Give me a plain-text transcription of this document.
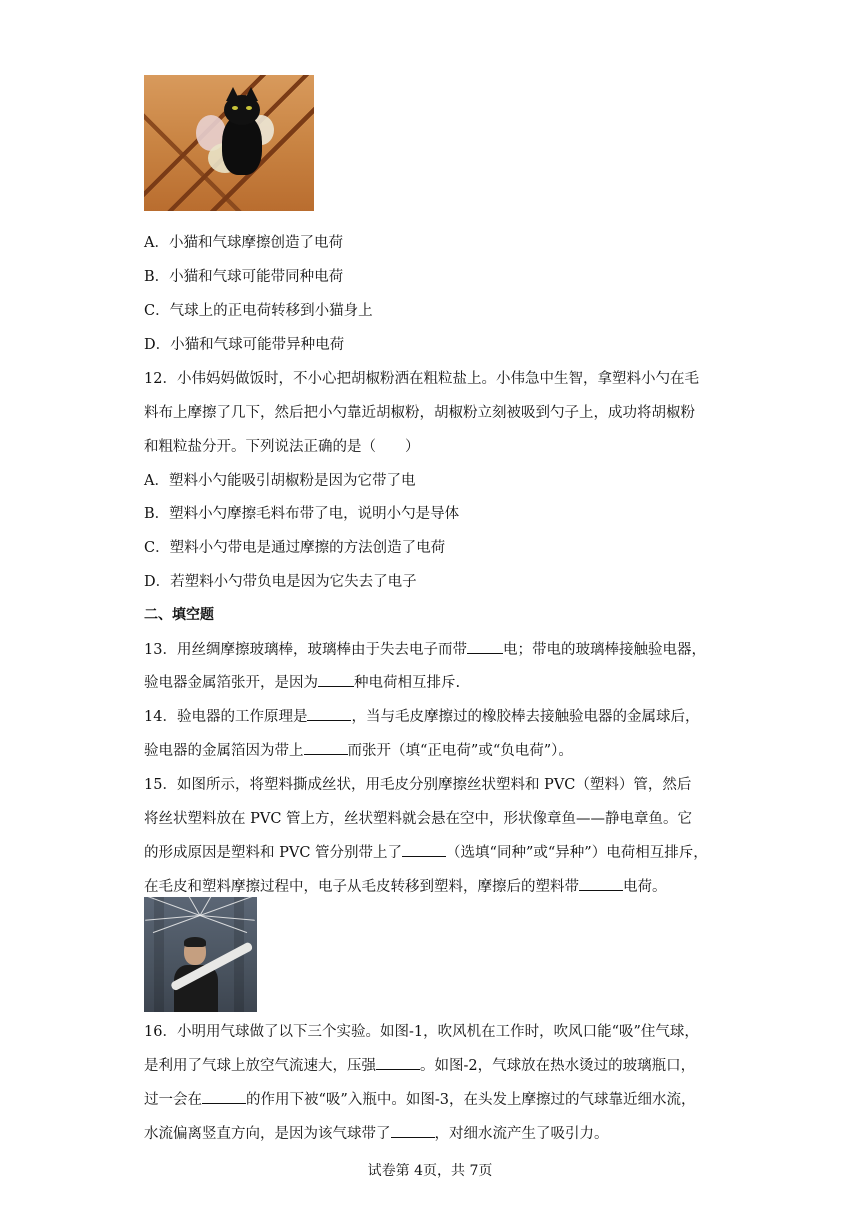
A．小猫和气球摩擦创造了电荷
B．小猫和气球可能带同种电荷
C．气球上的正电荷转移到小猫身上
D．小猫和气球可能带异种电荷
12．小伟妈妈做饭时，不小心把胡椒粉洒在粗粒盐上。小伟急中生智，拿塑料小勺在毛
料布上摩擦了几下，然后把小勺靠近胡椒粉，胡椒粉立刻被吸到勺子上，成功将胡椒粉
和粗粒盐分开。下列说法正确的是（　　）
A．塑料小勺能吸引胡椒粉是因为它带了电
B．塑料小勺摩擦毛料布带了电，说明小勺是导体
C．塑料小勺带电是通过摩擦的方法创造了电荷
D．若塑料小勺带负电是因为它失去了电子
二、填空题
13．用丝绸摩擦玻璃棒，玻璃棒由于失去电子而带 电；带电的玻璃棒接触验电器，
验电器金属箔张开，是因为 种电荷相互排斥.
14．验电器的工作原理是	，当与毛皮摩擦过的橡胶棒去接触验电器的金属球后，
验电器的金属箔因为带上	而张开（填“正电荷”或“负电荷”）。
15．如图所示，将塑料撕成丝状，用毛皮分别摩擦丝状塑料和 PVC（塑料）管，然后
将丝状塑料放在 PVC 管上方，丝状塑料就会悬在空中，形状像章鱼——静电章鱼。它
的形成原因是塑料和 PVC 管分别带上了	（选填“同种”或“异种”）电荷相互排斥，
在毛皮和塑料摩擦过程中，电子从毛皮转移到塑料，摩擦后的塑料带	电荷。
16．小明用气球做了以下三个实验。如图-1，吹风机在工作时，吹风口能“吸”住气球，
是利用了气球上放空气流速大，压强	。如图-2，气球放在热水烫过的玻璃瓶口，
过一会在	的作用下被“吸”入瓶中。如图-3，在头发上摩擦过的气球靠近细水流，
水流偏离竖直方向，是因为该气球带了	，对细水流产生了吸引力。
试卷第 4页，共 7页
